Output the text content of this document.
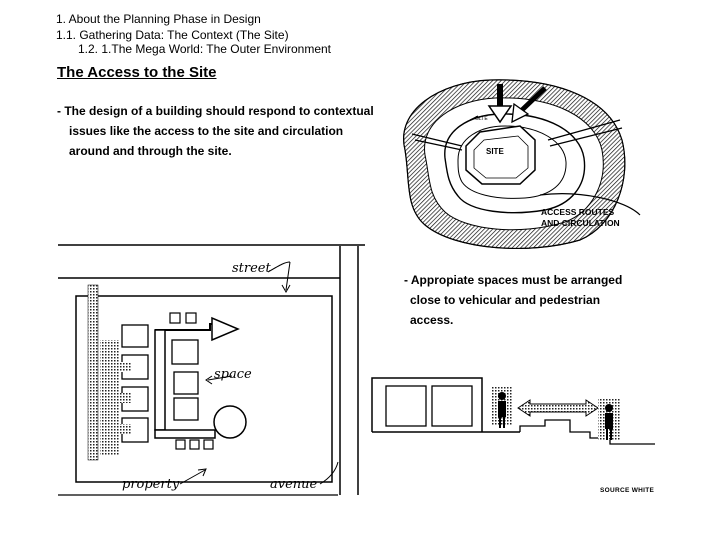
1. About the Planning Phase in Design
1.1. Gathering Data: The Context (The Site)
1.2. 1.The Mega World: The Outer Environment
The Access to the Site
- The design of a building should respond to contextual
issues like the access to the site and circulation
around and through the site.
- Appropiate spaces must be arranged
close to vehicular and pedestrian
access.
GLTE
SITE
ACCESS ROUTES
AND CIRCULATION
street
space
property	avenue	SOURCE WHITE
